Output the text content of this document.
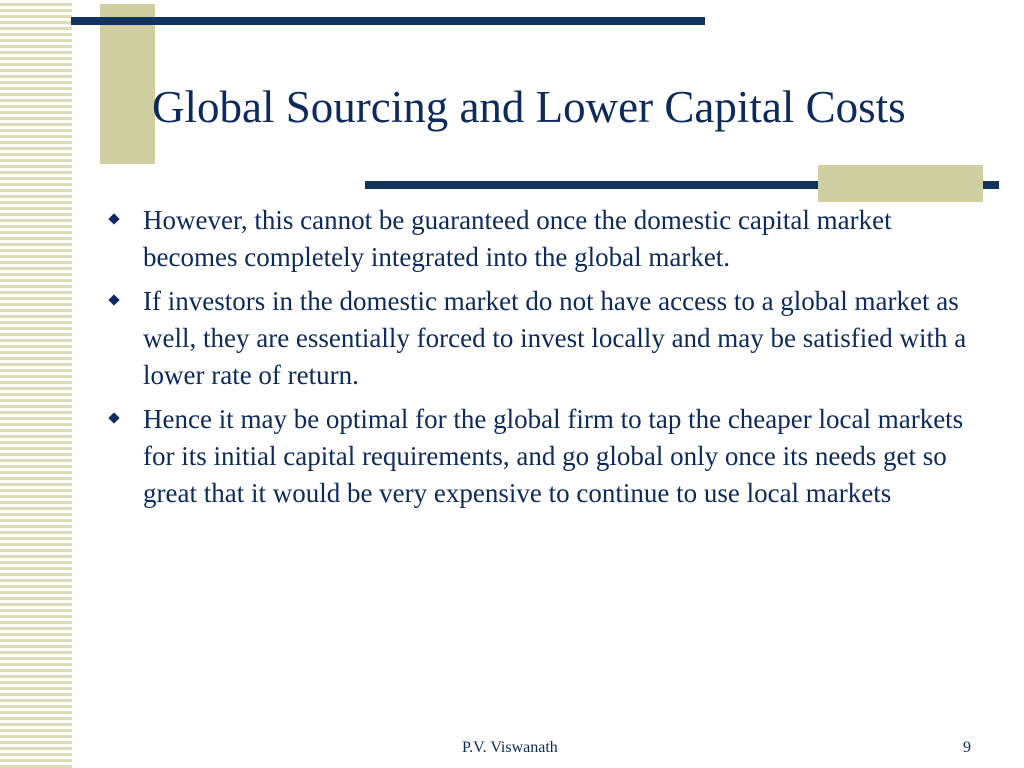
Global Sourcing and Lower Capital Costs
However, this cannot be guaranteed once the domestic capital market becomes completely integrated into the global market.
If investors in the domestic market do not have access to a global market as well, they are essentially forced to invest locally and may be satisfied with a lower rate of return.
Hence it may be optimal for the global firm to tap the cheaper local markets for its initial capital requirements, and go global only once its needs get so great that it would be very expensive to continue to use local markets
P.V. Viswanath	9
